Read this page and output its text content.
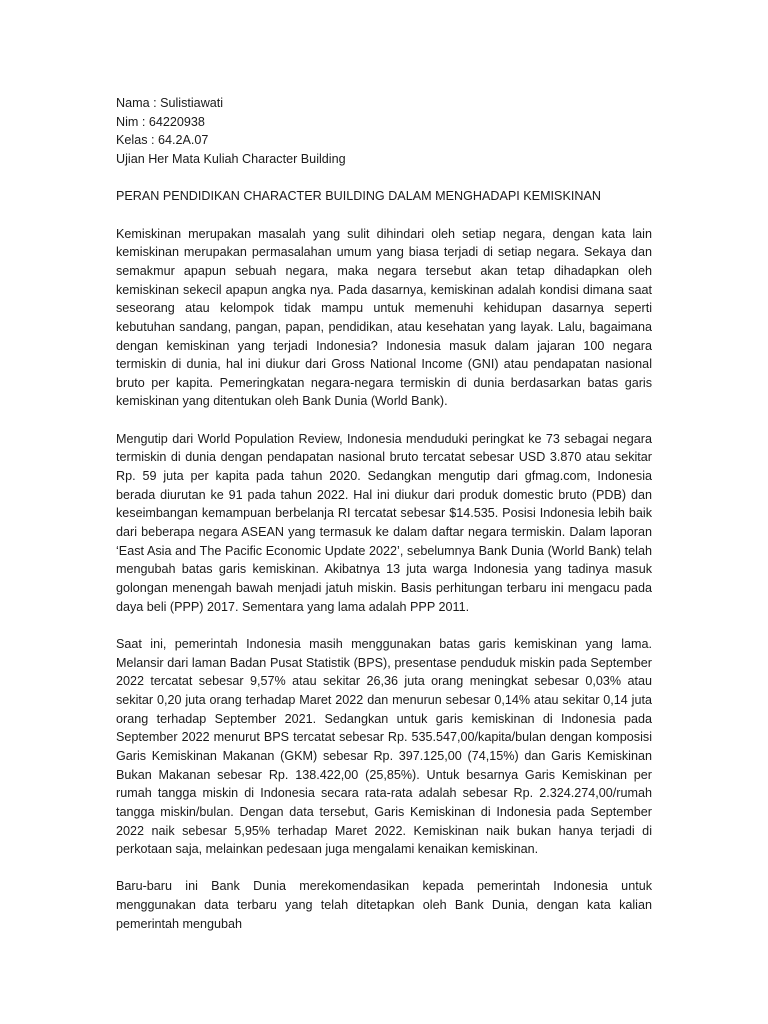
Nama : Sulistiawati
Nim : 64220938
Kelas : 64.2A.07
Ujian Her Mata Kuliah Character Building
PERAN PENDIDIKAN CHARACTER BUILDING DALAM MENGHADAPI KEMISKINAN

Kemiskinan merupakan masalah yang sulit dihindari oleh setiap negara, dengan kata lain kemiskinan merupakan permasalahan umum yang biasa terjadi di setiap negara. Sekaya dan semakmur apapun sebuah negara, maka negara tersebut akan tetap dihadapkan oleh kemiskinan sekecil apapun angka nya. Pada dasarnya, kemiskinan adalah kondisi dimana saat seseorang atau kelompok tidak mampu untuk memenuhi kehidupan dasarnya seperti kebutuhan sandang, pangan, papan, pendidikan, atau kesehatan yang layak. Lalu, bagaimana dengan kemiskinan yang terjadi Indonesia? Indonesia masuk dalam jajaran 100 negara termiskin di dunia, hal ini diukur dari Gross National Income (GNI) atau pendapatan nasional bruto per kapita. Pemeringkatan negara-negara termiskin di dunia berdasarkan batas garis kemiskinan yang ditentukan oleh Bank Dunia (World Bank).

Mengutip dari World Population Review, Indonesia menduduki peringkat ke 73 sebagai negara termiskin di dunia dengan pendapatan nasional bruto tercatat sebesar USD 3.870 atau sekitar Rp. 59 juta per kapita pada tahun 2020. Sedangkan mengutip dari gfmag.com, Indonesia berada diurutan ke 91 pada tahun 2022. Hal ini diukur dari produk domestic bruto (PDB) dan keseimbangan kemampuan berbelanja RI tercatat sebesar $14.535. Posisi Indonesia lebih baik dari beberapa negara ASEAN yang termasuk ke dalam daftar negara termiskin. Dalam laporan ‘East Asia and The Pacific Economic Update 2022’, sebelumnya Bank Dunia (World Bank) telah mengubah batas garis kemiskinan. Akibatnya 13 juta warga Indonesia yang tadinya masuk golongan menengah bawah menjadi jatuh miskin. Basis perhitungan terbaru ini mengacu pada daya beli (PPP) 2017. Sementara yang lama adalah PPP 2011.

Saat ini, pemerintah Indonesia masih menggunakan batas garis kemiskinan yang lama. Melansir dari laman Badan Pusat Statistik (BPS), presentase penduduk miskin pada September 2022 tercatat sebesar 9,57% atau sekitar 26,36 juta orang meningkat sebesar 0,03% atau sekitar 0,20 juta orang terhadap Maret 2022 dan menurun sebesar 0,14% atau sekitar 0,14 juta orang terhadap September 2021. Sedangkan untuk garis kemiskinan di Indonesia pada September 2022 menurut BPS tercatat sebesar Rp. 535.547,00/kapita/bulan dengan komposisi Garis Kemiskinan Makanan (GKM) sebesar Rp. 397.125,00 (74,15%) dan Garis Kemiskinan Bukan Makanan sebesar Rp. 138.422,00 (25,85%). Untuk besarnya Garis Kemiskinan per rumah tangga miskin di Indonesia secara rata-rata adalah sebesar Rp. 2.324.274,00/rumah tangga miskin/bulan. Dengan data tersebut, Garis Kemiskinan di Indonesia pada September 2022 naik sebesar 5,95% terhadap Maret 2022. Kemiskinan naik bukan hanya terjadi di perkotaan saja, melainkan pedesaan juga mengalami kenaikan kemiskinan.

Baru-baru ini Bank Dunia merekomendasikan kepada pemerintah Indonesia untuk menggunakan data terbaru yang telah ditetapkan oleh Bank Dunia, dengan kata kalian pemerintah mengubah
